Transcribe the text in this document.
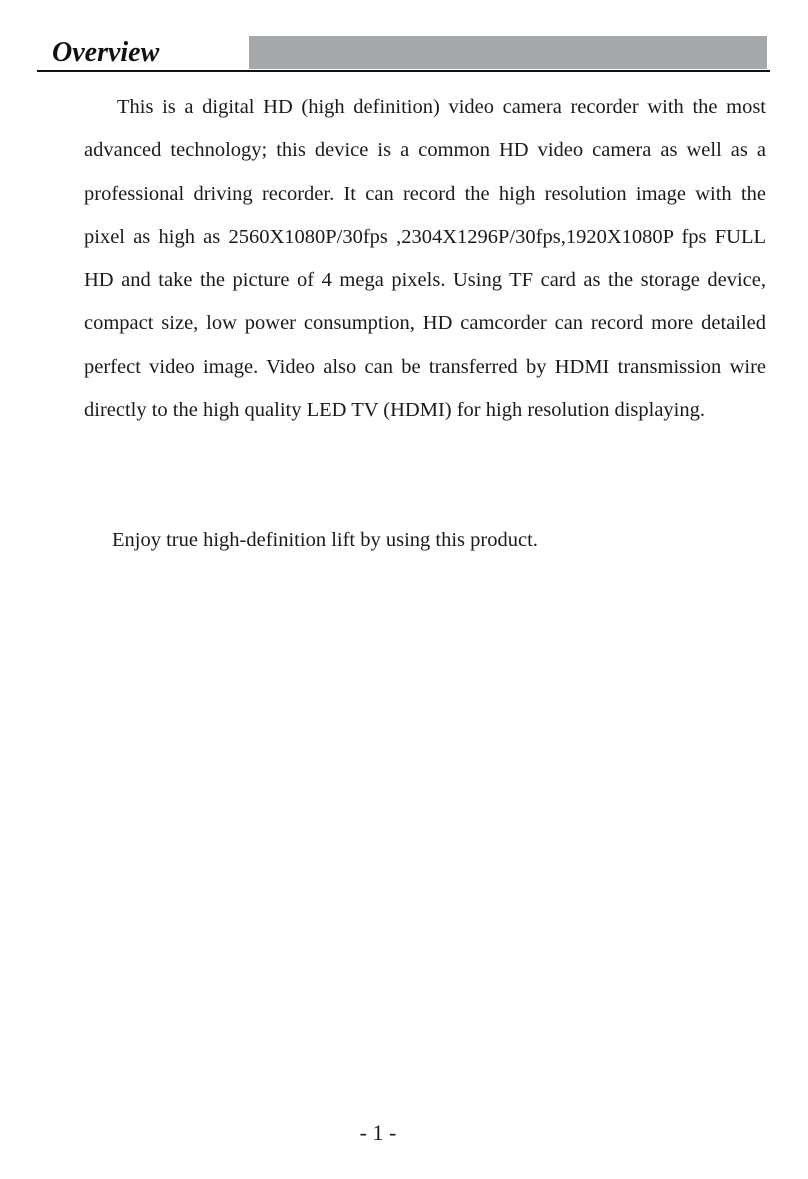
Overview

This is a digital HD (high definition) video camera recorder with the most advanced technology; this device is a common HD video camera as well as a professional driving recorder. It can record the high resolution image with the pixel as high as 2560X1080P/30fps ,2304X1296P/30fps,1920X1080P fps FULL HD and take the picture of 4 mega pixels. Using TF card as the storage device, compact size, low power consumption, HD camcorder can record more detailed perfect video image. Video also can be transferred by HDMI transmission wire directly to the high quality LED TV (HDMI) for high resolution displaying.

Enjoy true high-definition lift by using this product.

- 1 -
